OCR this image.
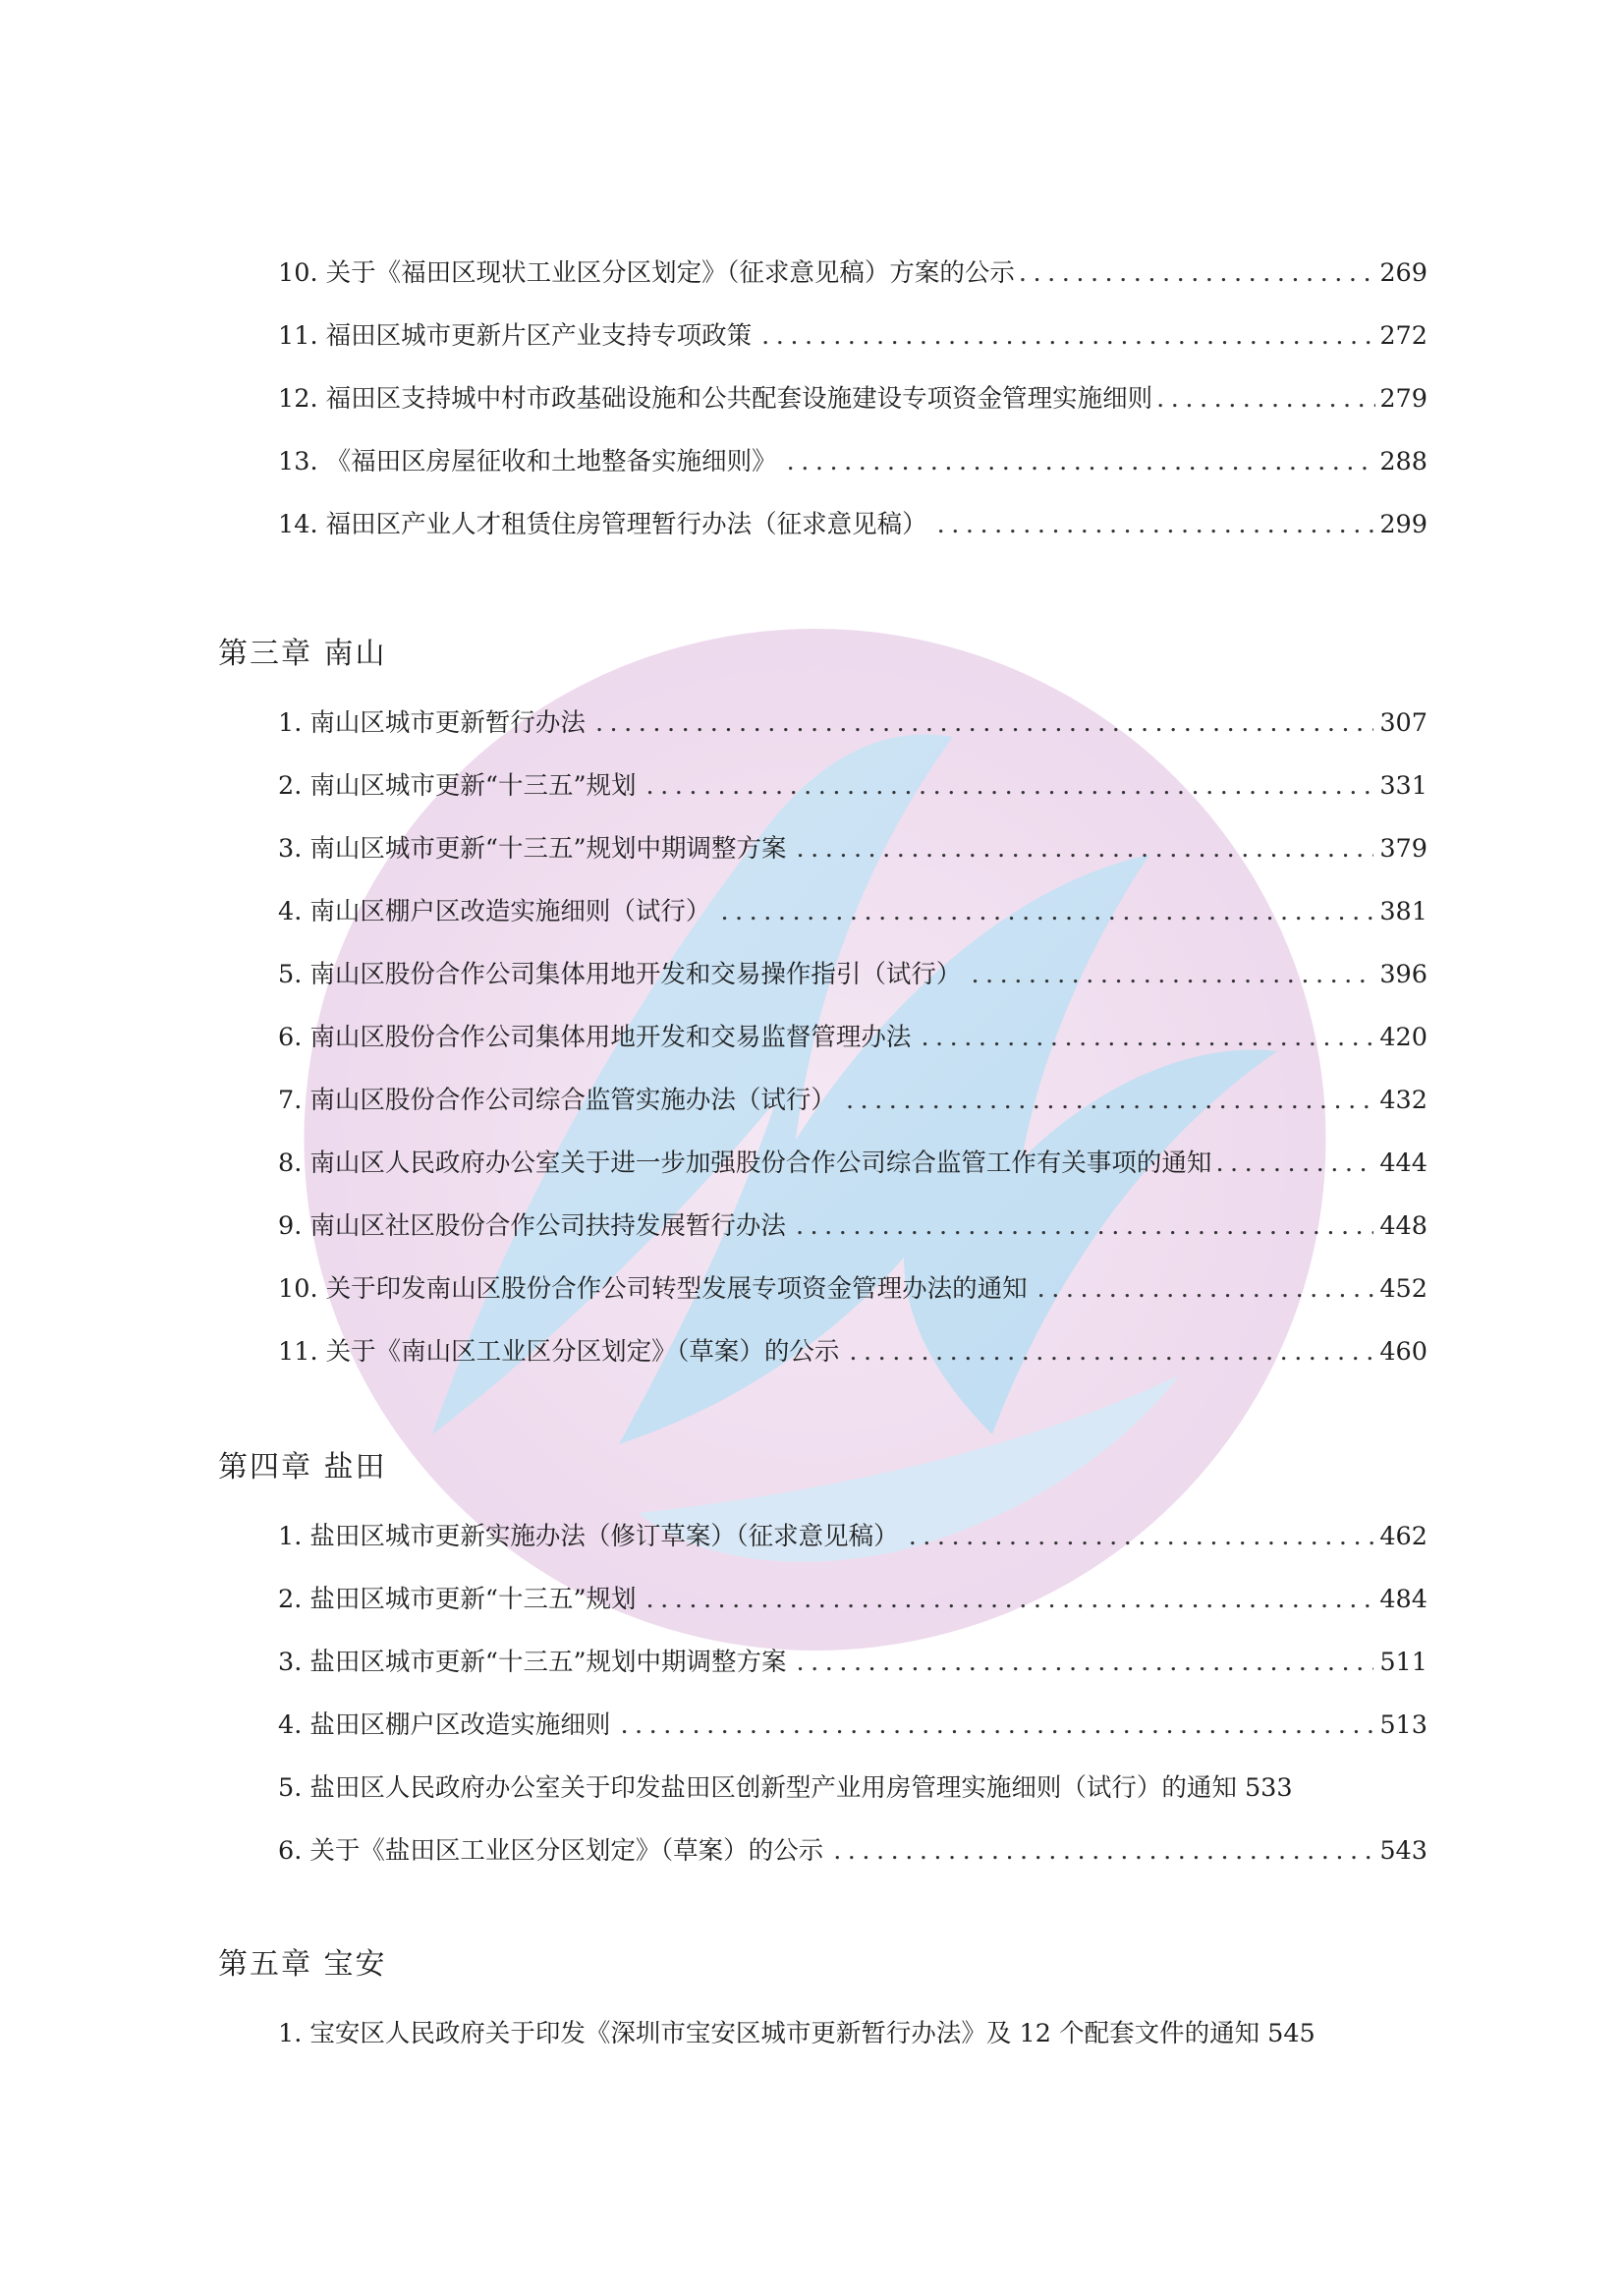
10. 关于《福田区现状工业区分区划定》（征求意见稿）方案的公示 .....	269
11. 福田区城市更新片区产业支持专项政策 .....	272
12. 福田区支持城中村市政基础设施和公共配套设施建设专项资金管理实施细则 .....	279
13. 《福田区房屋征收和土地整备实施细则》 .....	288
14. 福田区产业人才租赁住房管理暂行办法（征求意见稿） .....	299
第三章 南山
1. 南山区城市更新暂行办法 .....	307
2. 南山区城市更新“十三五”规划 .....	331
3. 南山区城市更新“十三五”规划中期调整方案 .....	379
4. 南山区棚户区改造实施细则（试行） .....	381
5. 南山区股份合作公司集体用地开发和交易操作指引（试行） .....	396
6. 南山区股份合作公司集体用地开发和交易监督管理办法 .....	420
7. 南山区股份合作公司综合监管实施办法（试行） .....	432
8. 南山区人民政府办公室关于进一步加强股份合作公司综合监管工作有关事项的通知 .....	444
9. 南山区社区股份合作公司扶持发展暂行办法 .....	448
10. 关于印发南山区股份合作公司转型发展专项资金管理办法的通知 .....	452
11. 关于《南山区工业区分区划定》（草案）的公示 .....	460
第四章 盐田
1. 盐田区城市更新实施办法（修订草案）（征求意见稿） .....	462
2. 盐田区城市更新“十三五”规划 .....	484
3. 盐田区城市更新“十三五”规划中期调整方案 .....	511
4. 盐田区棚户区改造实施细则 .....	513
5. 盐田区人民政府办公室关于印发盐田区创新型产业用房管理实施细则（试行）的通知 533
6. 关于《盐田区工业区分区划定》（草案）的公示 .....	543
第五章 宝安
1. 宝安区人民政府关于印发《深圳市宝安区城市更新暂行办法》及 12 个配套文件的通知 545
